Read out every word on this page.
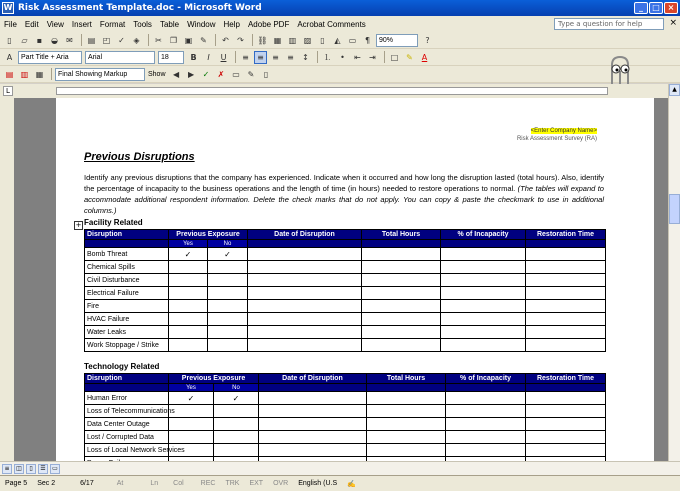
W Risk Assessment Template.doc - Microsoft Word	_	□ ×
File	Edit	View	Insert	Format	Tools	Table	Window	Help	Adobe PDF	Acrobat Comments	Type a question for help	×
▯	▱	▪	◒	✉	▤ ◰ ✓	◈	✂	❐ ▣ ✎	↶	↷	⛓ ▦ ▥ ▨	▯	◭	▭	¶	90%	?
A	Part Title + Aria	Arial	18	B	I	U	≡	≡	≡	≡	↕	⒈	•	⇤	⇥	□ ✎	A
▤ ▥ ▦	Final Showing Markup	Show ◀	▶	✓	✗ ▭ ✎	▯
L
<Enter Company Name>
Risk Assessment Survey (RA)
Previous Disruptions
Identify any previous disruptions that the company has experienced. Indicate when it occurred and how long the disruption lasted (total hours). Also, identify the percentage of incapacity to the business operations and the length of time (in hours) needed to restore operations to normal. (The tables will expand to accommodate additional respondent information. Delete the check marks that do not apply. You can copy & paste the checkmark to use in additional columns.)
+ Facility Related
Disruption	Previous Exposure		Date of Disruption	Total Hours	% of Incapacity	Restoration Time
	Yes	No				
Bomb Threat	✓	✓				
Chemical Spills						
Civil Disturbance						
Electrical Failure						
Fire						
HVAC Failure						
Water Leaks						
Work Stoppage / Strike						
Technology Related
Disruption	Previous Exposure		Date of Disruption	Total Hours	% of Incapacity	Restoration Time
	Yes	No				
Human Error	✓	✓				
Loss of Telecommunications						
Data Center Outage						
Lost / Corrupted Data						
Loss of Local Network Services						

▲
≡	◫	▯	☰	▭
Page 5	Sec 2	6/17	At	Ln	Col	REC	TRK	EXT	OVR	English (U.S	✍
